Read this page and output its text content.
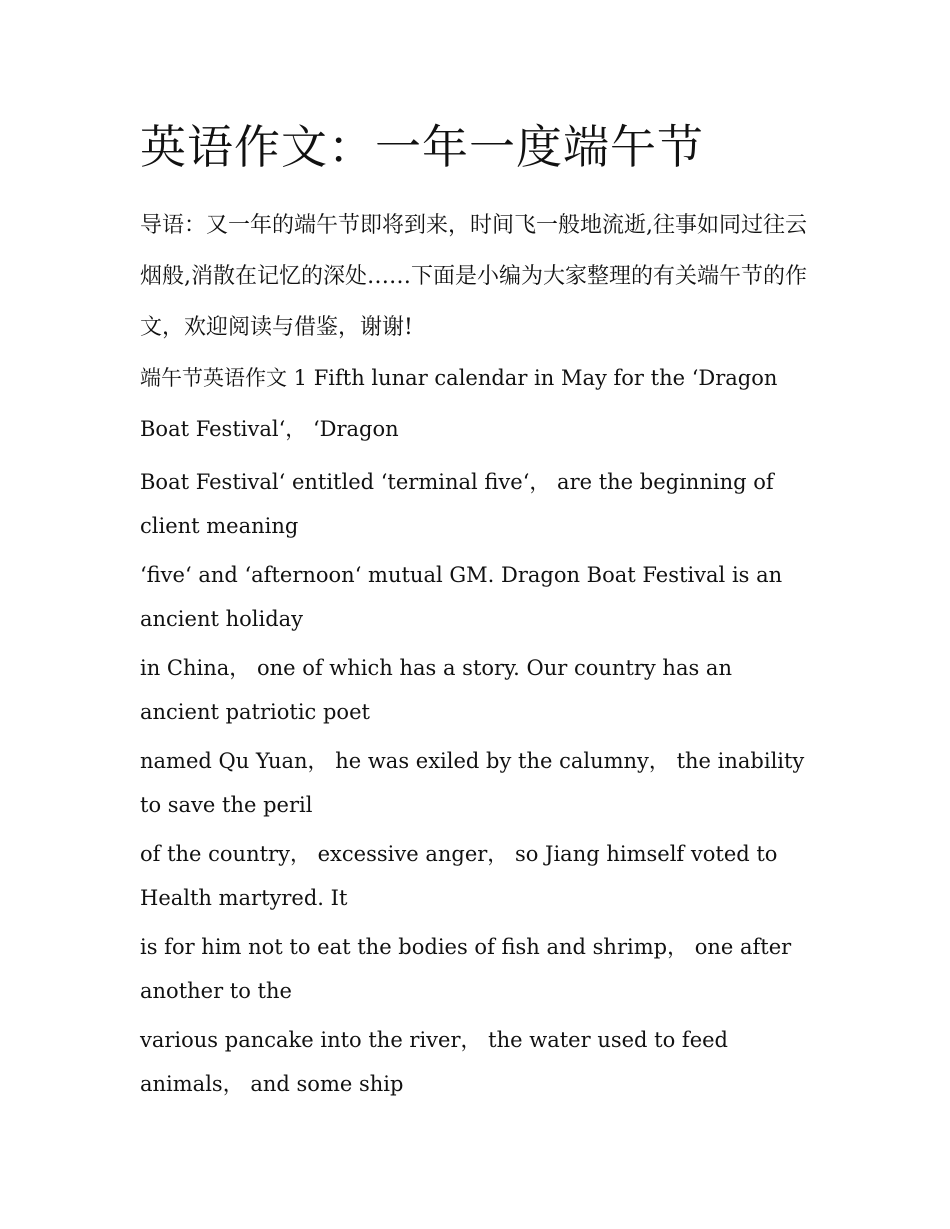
英语作文：一年一度端午节

导语：又一年的端午节即将到来，时间飞一般地流逝,往事如同过往云烟般,消散在记忆的深处……下面是小编为大家整理的有关端午节的作文，欢迎阅读与借鉴，谢谢!

端午节英语作文 1 Fifth lunar calendar in May for the ‘Dragon

Boat Festival‘， ‘Dragon

Boat Festival‘ entitled ‘terminal five‘， are the beginning of client meaning

‘five‘ and ‘afternoon‘ mutual GM. Dragon Boat Festival is an ancient holiday

in China， one of which has a story. Our country has an ancient patriotic poet

named Qu Yuan， he was exiled by the calumny， the inability to save the peril

of the country， excessive anger， so Jiang himself voted to Health martyred. It

is for him not to eat the bodies of fish and shrimp， one after another to the

various pancake into the river， the water used to feed animals， and some ship
